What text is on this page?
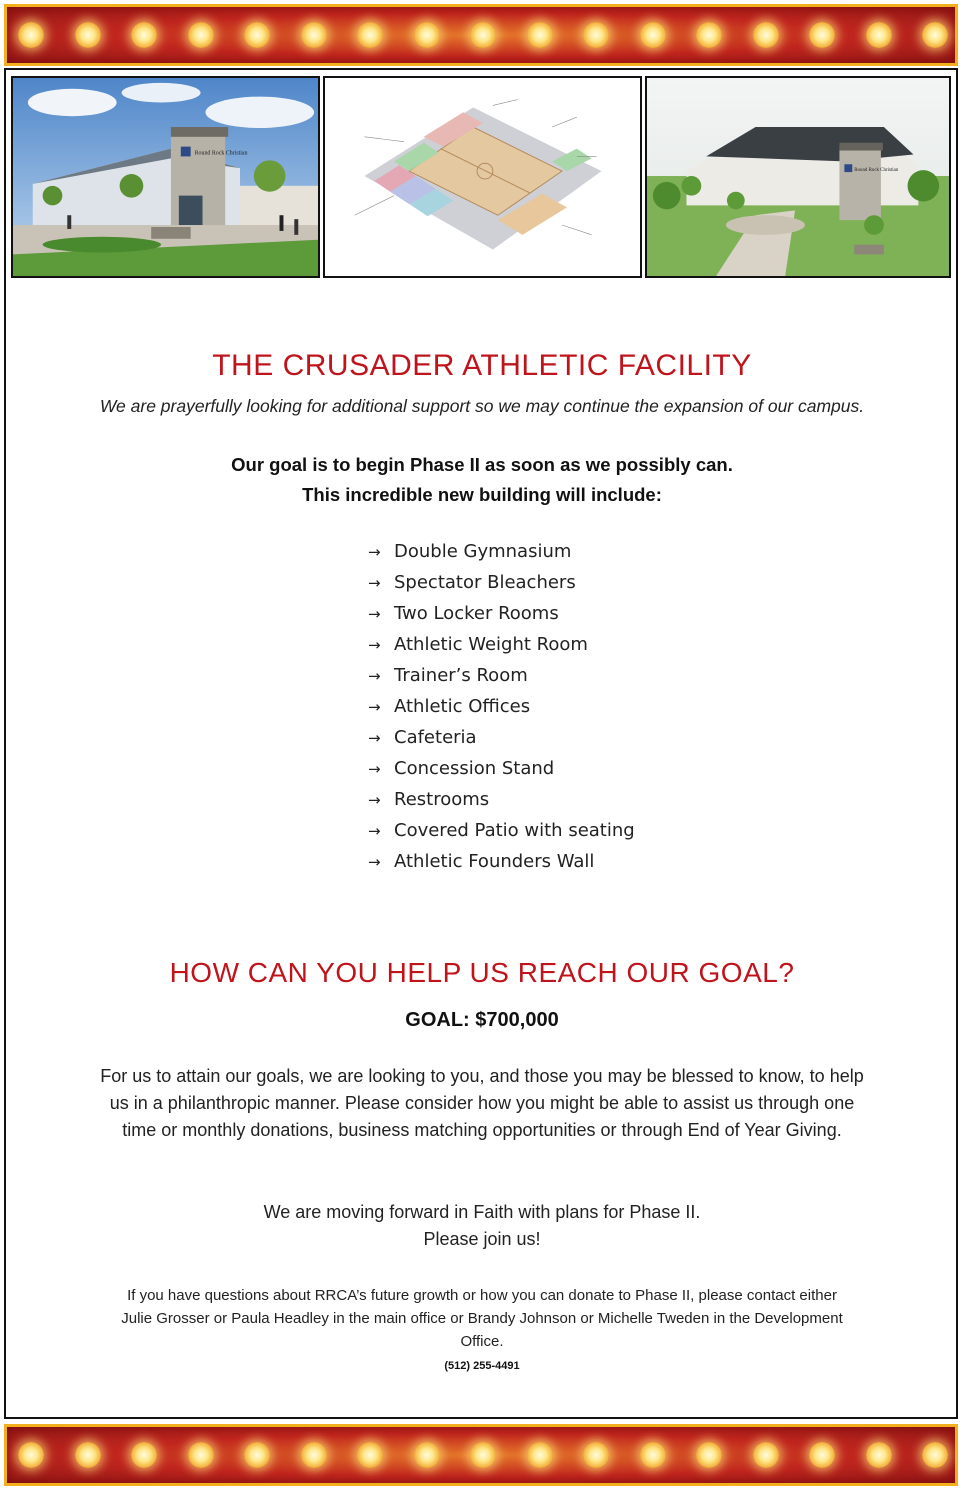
Round Rock Christian
Round Rock Christian
THE CRUSADER ATHLETIC FACILITY
We are prayerfully looking for additional support so we may continue the expansion of our campus.
Our goal is to begin Phase II as soon as we possibly can.
This incredible new building will include:
→ Double Gymnasium
→ Spectator Bleachers
→ Two Locker Rooms
→ Athletic Weight Room
→ Trainer’s Room
→ Athletic Offices
→ Cafeteria
→ Concession Stand
→ Restrooms
→ Covered Patio with seating
→ Athletic Founders Wall
HOW CAN YOU HELP US REACH OUR GOAL?
GOAL: $700,000
For us to attain our goals, we are looking to you, and those you may be blessed to know, to help us in a philanthropic manner. Please consider how you might be able to assist us through one time or monthly donations, business matching opportunities or through End of Year Giving.
We are moving forward in Faith with plans for Phase II.
Please join us!
If you have questions about RRCA’s future growth or how you can donate to Phase II, please contact either Julie Grosser or Paula Headley in the main office or Brandy Johnson or Michelle Tweden in the Development Office.
(512) 255-4491
